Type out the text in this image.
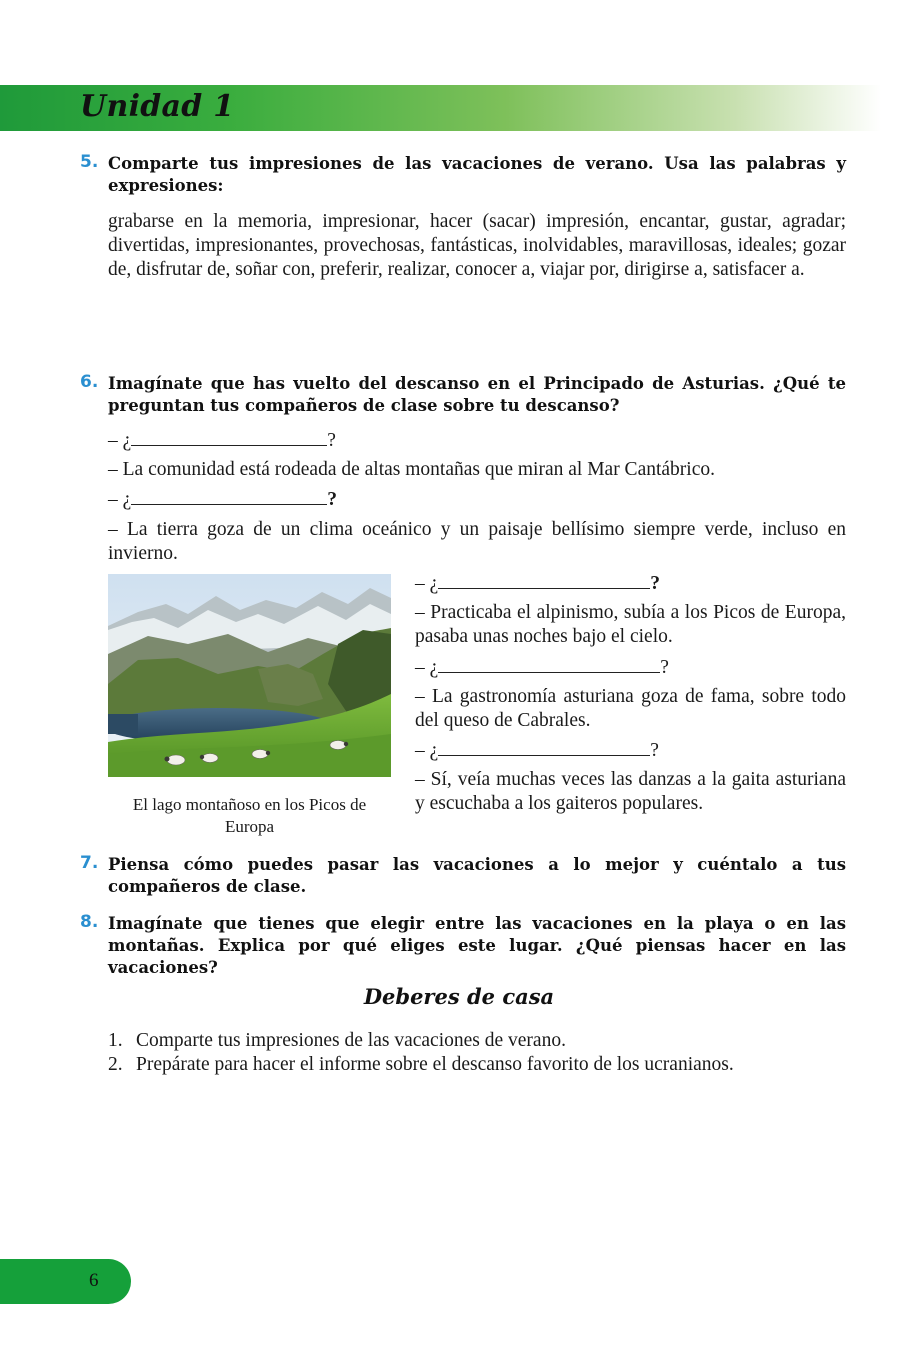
Unidad 1
5. Comparte tus impresiones de las vacaciones de verano. Usa las palabras y expresiones:
grabarse en la memoria, impresionar, hacer (sacar) impresión, encantar, gustar, agradar; divertidas, impresionantes, provechosas, fantásticas, inolvidables, maravillosas, ideales; gozar de, disfrutar de, soñar con, preferir, realizar, conocer a, viajar por, dirigirse a, satisfacer a.
6. Imagínate que has vuelto del descanso en el Principado de Asturias. ¿Qué te preguntan tus compañeros de clase sobre tu descanso?
– ¿	?
– La comunidad está rodeada de altas montañas que miran al Mar Cantábrico.
– ¿	?
– La tierra goza de un clima oceánico y un paisaje bellísimo siempre verde, incluso en invierno.
El lago montañoso en los Picos de Europa
– ¿	?
– Practicaba el alpinismo, subía a los Picos de Europa, pasaba unas noches bajo el cielo.
– ¿	?
– La gastronomía asturiana goza de fama, sobre todo del queso de Cabrales.
– ¿	?
– Sí, veía muchas veces las danzas a la gaita asturiana y escuchaba a los gaiteros populares.
7. Piensa cómo puedes pasar las vacaciones a lo mejor y cuéntalo a tus compañeros de clase.
8. Imagínate que tienes que elegir entre las vacaciones en la playa o en las montañas. Explica por qué eliges este lugar. ¿Qué piensas hacer en las vacaciones?
Deberes de casa
1. Comparte tus impresiones de las vacaciones de verano.
2. Prepárate para hacer el informe sobre el descanso favorito de los ucranianos.
6
